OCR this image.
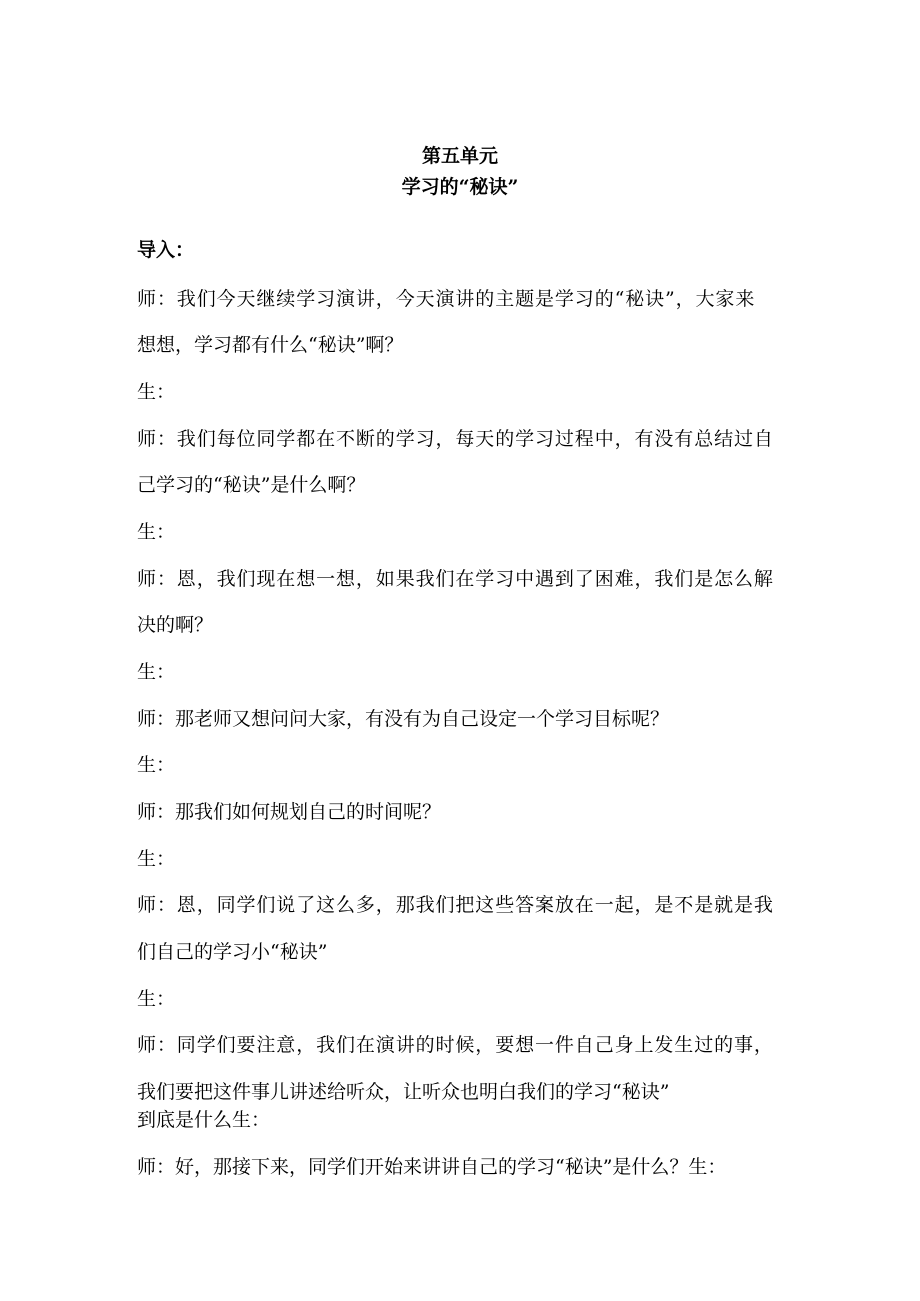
第五单元
学习的“秘诀”
导入：
师：我们今天继续学习演讲，今天演讲的主题是学习的“秘诀”，大家来
想想，学习都有什么“秘诀”啊？
生：
师：我们每位同学都在不断的学习，每天的学习过程中，有没有总结过自
己学习的“秘诀”是什么啊？
生：
师：恩，我们现在想一想，如果我们在学习中遇到了困难，我们是怎么解
决的啊？
生：
师：那老师又想问问大家，有没有为自己设定一个学习目标呢？
生：
师：那我们如何规划自己的时间呢？
生：
师：恩，同学们说了这么多，那我们把这些答案放在一起，是不是就是我
们自己的学习小“秘诀”
生：
师：同学们要注意，我们在演讲的时候，要想一件自己身上发生过的事，
我们要把这件事儿讲述给听众，让听众也明白我们的学习“秘诀”
到底是什么生：
师：好，那接下来，同学们开始来讲讲自己的学习“秘诀”是什么？生：
